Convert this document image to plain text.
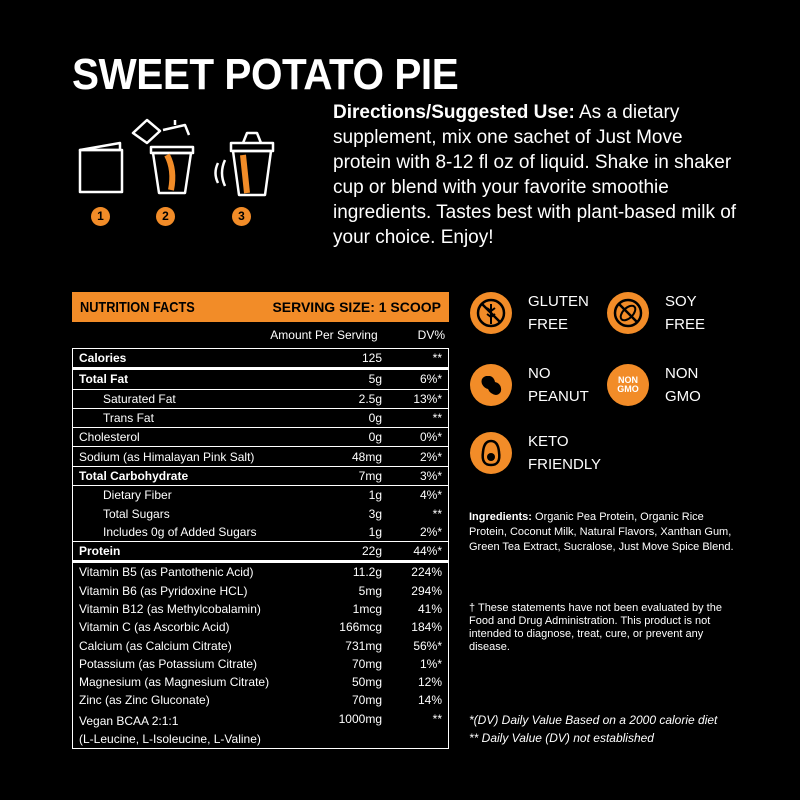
SWEET POTATO PIE
1	2	3
Directions/Suggested Use: As a dietary supplement, mix one sachet of Just Move protein with 8-12 fl oz of liquid. Shake in shaker cup or blend with your favorite smoothie ingredients. Tastes best with plant-based milk of your choice. Enjoy!
NUTRITION FACTS	SERVING SIZE: 1 SCOOP
Amount Per Serving	DV%
Calories	125	**
Total Fat	5g	6%*
Saturated Fat	2.5g	13%*
Trans Fat	0g	**
Cholesterol	0g	0%*
Sodium (as Himalayan Pink Salt)	48mg	2%*
Total Carbohydrate	7mg	3%*
Dietary Fiber	1g	4%*
Total Sugars	3g	**
Includes 0g of Added Sugars	1g	2%*
Protein	22g	44%*
Vitamin B5 (as Pantothenic Acid)	11.2g	224%
Vitamin B6 (as Pyridoxine HCL)	5mg	294%
Vitamin B12 (as Methylcobalamin)	1mcg	41%
Vitamin C (as Ascorbic Acid)	166mcg	184%
Calcium (as Calcium Citrate)	731mg	56%*
Potassium (as Potassium Citrate)	70mg	1%*
Magnesium (as Magnesium Citrate)	50mg	12%
Zinc (as Zinc Gluconate)	70mg	14%
Vegan BCAA 2:1:1
(L-Leucine, L-Isoleucine, L-Valine)
1000mg	**
GLUTEN
FREE
SOY
FREE
NO
PEANUT
NON
GMO
NON
GMO
KETO
FRIENDLY
Ingredients: Organic Pea Protein, Organic Rice Protein, Coconut Milk, Natural Flavors, Xanthan Gum, Green Tea Extract, Sucralose, Just Move Spice Blend.
† These statements have not been evaluated by the Food and Drug Administration. This product is not intended to diagnose, treat, cure, or prevent any disease.
*(DV) Daily Value Based on a 2000 calorie diet
** Daily Value (DV) not established
